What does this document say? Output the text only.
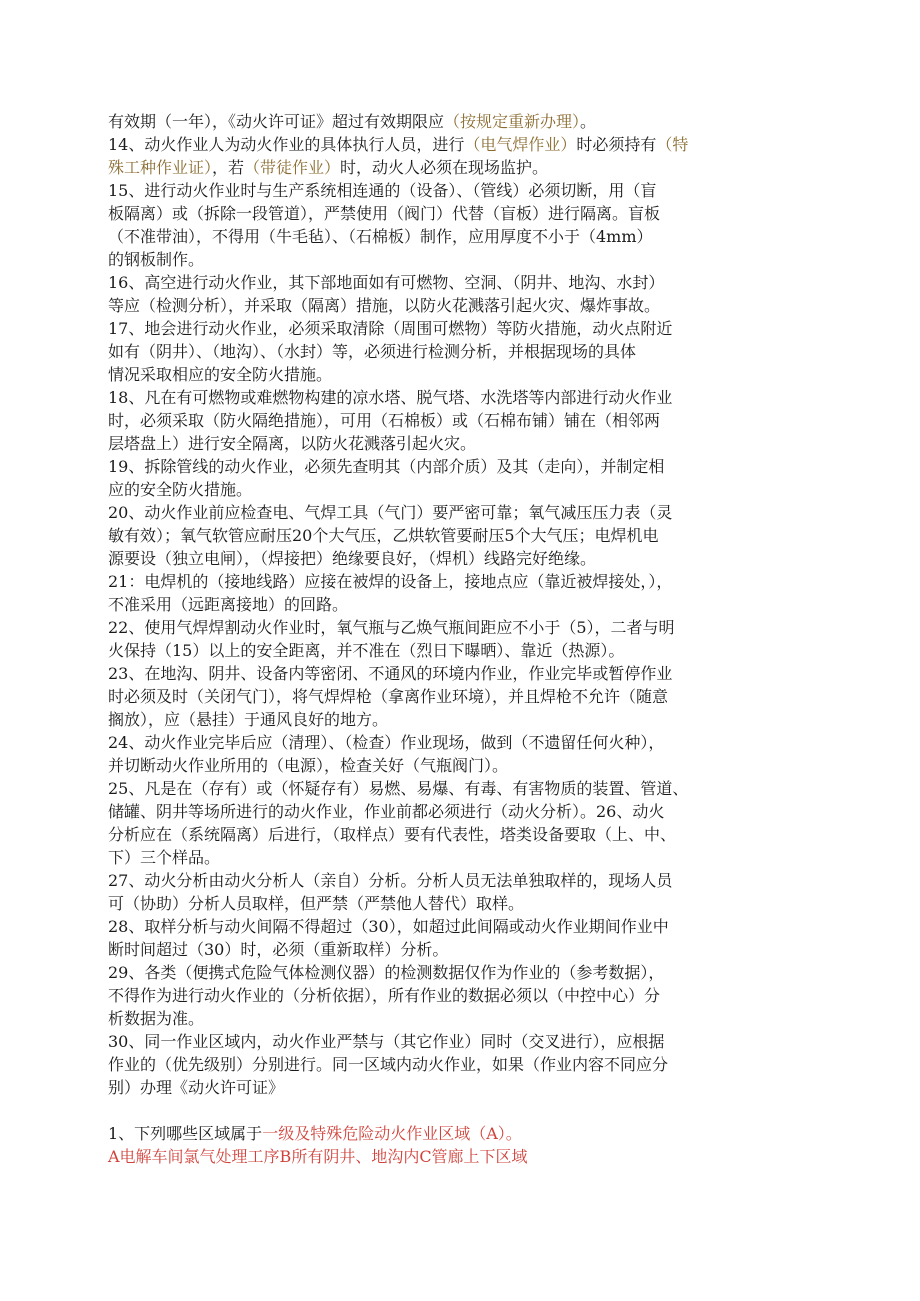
有效期（一年），《动火许可证》超过有效期限应（按规定重新办理）。
14、动火作业人为动火作业的具体执行人员，进行（电气焊作业）时必须持有（特
殊工种作业证），若（带徒作业）时，动火人必须在现场监护。
15、进行动火作业时与生产系统相连通的（设备）、（管线）必须切断，用（盲
板隔离）或（拆除一段管道），严禁使用（阀门）代替（盲板）进行隔离。盲板
（不准带油），不得用（牛毛毡）、（石棉板）制作，应用厚度不小于（4mm）
的钢板制作。
16、高空进行动火作业，其下部地面如有可燃物、空洞、（阴井、地沟、水封）
等应（检测分析），并采取（隔离）措施，以防火花溅落引起火灾、爆炸事故。
17、地会进行动火作业，必须采取清除（周围可燃物）等防火措施，动火点附近
如有（阴井）、（地沟）、（水封）等，必须进行检测分析，并根据现场的具体
情况采取相应的安全防火措施。
18、凡在有可燃物或难燃物构建的凉水塔、脱气塔、水洗塔等内部进行动火作业
时，必须采取（防火隔绝措施），可用（石棉板）或（石棉布铺）铺在（相邻两
层塔盘上）进行安全隔离，以防火花溅落引起火灾。
19、拆除管线的动火作业，必须先查明其（内部介质）及其（走向），并制定相
应的安全防火措施。
20、动火作业前应检查电、气焊工具（气门）要严密可靠；氧气减压压力表（灵
敏有效）；氧气软管应耐压20个大气压，乙烘软管要耐压5个大气压；电焊机电
源要设（独立电闸），（焊接把）绝缘要良好，（焊机）线路完好绝缘。
21：电焊机的（接地线路）应接在被焊的设备上，接地点应（靠近被焊接处，），
不准采用（远距离接地）的回路。
22、使用气焊焊割动火作业时，氧气瓶与乙焕气瓶间距应不小于（5），二者与明
火保持（15）以上的安全距离，并不准在（烈日下曝晒）、靠近（热源）。
23、在地沟、阴井、设备内等密闭、不通风的环境内作业，作业完毕或暂停作业
时必须及时（关闭气门），将气焊焊枪（拿离作业环境），并且焊枪不允许（随意
搁放），应（悬挂）于通风良好的地方。
24、动火作业完毕后应（清理）、（检查）作业现场，做到（不遗留任何火种），
并切断动火作业所用的（电源），检查关好（气瓶阀门）。
25、凡是在（存有）或（怀疑存有）易燃、易爆、有毒、有害物质的装置、管道、
储罐、阴井等场所进行的动火作业，作业前都必须进行（动火分析）。26、动火
分析应在（系统隔离）后进行，（取样点）要有代表性，塔类设备要取（上、中、
下）三个样品。
27、动火分析由动火分析人（亲自）分析。分析人员无法单独取样的，现场人员
可（协助）分析人员取样，但严禁（严禁他人替代）取样。
28、取样分析与动火间隔不得超过（30），如超过此间隔或动火作业期间作业中
断时间超过（30）时，必须（重新取样）分析。
29、各类（便携式危险气体检测仪器）的检测数据仅作为作业的（参考数据），
不得作为进行动火作业的（分析依据），所有作业的数据必须以（中控中心）分
析数据为准。
30、同一作业区域内，动火作业严禁与（其它作业）同时（交叉进行），应根据
作业的（优先级别）分别进行。同一区域内动火作业，如果（作业内容不同应分
别）办理《动火许可证》
1、下列哪些区域属于一级及特殊危险动火作业区域（A）。
A电解车间氯气处理工序B所有阴井、地沟内C管廊上下区域
